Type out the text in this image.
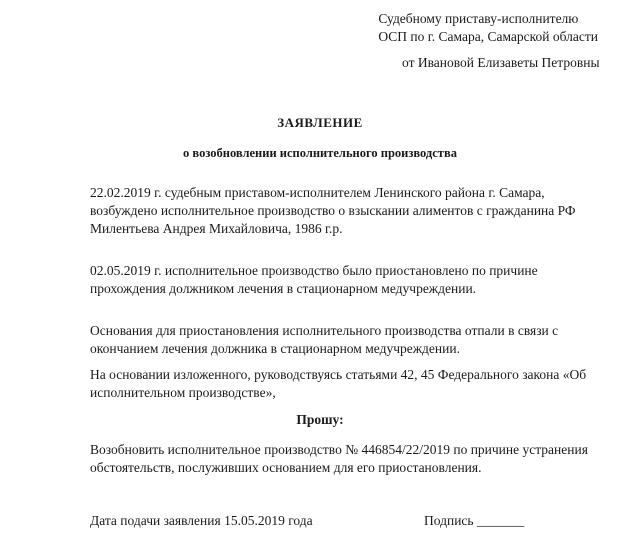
Судебному приставу-исполнителю
ОСП по г. Самара, Самарской области
от Ивановой Елизаветы Петровны
ЗАЯВЛЕНИЕ
о возобновлении исполнительного производства
22.02.2019 г. судебным приставом-исполнителем Ленинского района г. Самара,
возбуждено исполнительное производство о взыскании алиментов с гражданина РФ
Милентьева Андрея Михайловича, 1986 г.р.
02.05.2019 г. исполнительное производство было приостановлено по причине
прохождения должником лечения в стационарном медучреждении.
Основания для приостановления исполнительного производства отпали в связи с
окончанием лечения должника в стационарном медучреждении.
На основании изложенного, руководствуясь статьями 42, 45 Федерального закона «Об
исполнительном производстве»,
Прошу:
Возобновить исполнительное производство № 446854/22/2019 по причине устранения
обстоятельств, послуживших основанием для его приостановления.
Дата подачи заявления 15.05.2019 года	Подпись _______
